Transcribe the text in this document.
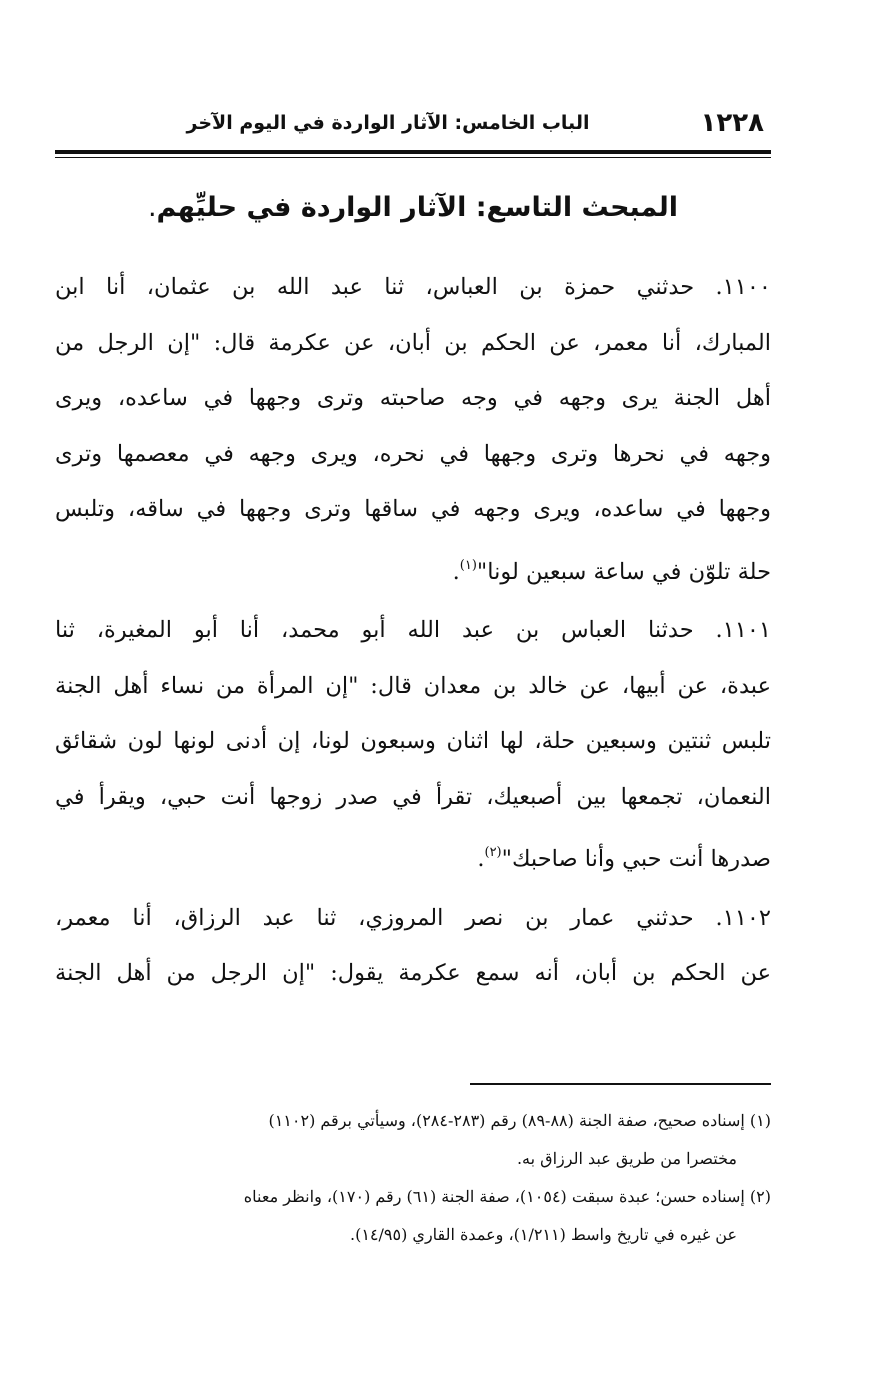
١٢٢٨
الباب الخامس: الآثار الواردة في اليوم الآخر
المبحث التاسع: الآثار الواردة في حليِّهم.

١١٠٠. حدثني حمزة بن العباس، ثنا عبد الله بن عثمان، أنا ابن
المبارك، أنا معمر، عن الحكم بن أبان، عن عكرمة قال: "إن الرجل من
أهل الجنة يرى وجهه في وجه صاحبته وترى وجهها في ساعده، ويرى
وجهه في نحرها وترى وجهها في نحره، ويرى وجهه في معصمها وترى
وجهها في ساعده، ويرى وجهه في ساقها وترى وجهها في ساقه، وتلبس
حلة تلوّن في ساعة سبعين لونا"$^{(١)}$.

١١٠١. حدثنا العباس بن عبد الله أبو محمد، أنا أبو المغيرة، ثنا
عبدة، عن أبيها، عن خالد بن معدان قال: "إن المرأة من نساء أهل الجنة
تلبس ثنتين وسبعين حلة، لها اثنان وسبعون لونا، إن أدنى لونها لون شقائق
النعمان، تجمعها بين أصبعيك، تقرأ في صدر زوجها أنت حبي، ويقرأ في
صدرها أنت حبي وأنا صاحبك"$^{(٢)}$.

١١٠٢. حدثني عمار بن نصر المروزي، ثنا عبد الرزاق، أنا معمر،
عن الحكم بن أبان، أنه سمع عكرمة يقول: "إن الرجل من أهل الجنة

(١) إسناده صحيح، صفة الجنة (٨٨-٨٩) رقم (٢٨٣-٢٨٤)، وسيأتي برقم (١١٠٢)
مختصرا من طريق عبد الرزاق به.
(٢) إسناده حسن؛ عبدة سبقت (١٠٥٤)، صفة الجنة (٦١) رقم (١٧٠)، وانظر معناه
عن غيره في تاريخ واسط (١/٢١١)، وعمدة القاري (١٤/٩٥).
